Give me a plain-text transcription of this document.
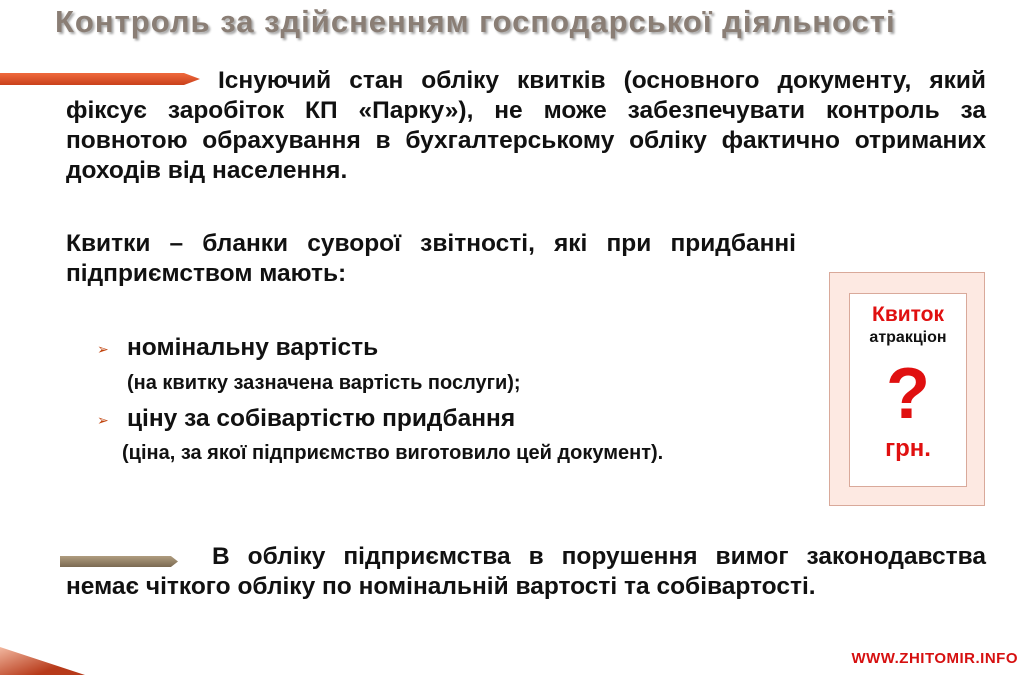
Контроль за здійсненням господарської діяльності
Існуючий стан обліку квитків (основного документу, який фіксує заробіток КП «Парку»), не може забезпечувати контроль за повнотою обрахування в бухгалтерському обліку фактично отриманих доходів від населення.
Квитки – бланки суворої звітності, які при придбанні
підприємством мають:
➢ номінальну вартість
(на квитку зазначена вартість послуги);
➢ ціну за собівартістю придбання
(ціна, за якої підприємство виготовило цей документ).
Квиток
атракціон
?
грн.
В обліку підприємства в порушення вимог законодавства немає чіткого обліку по номінальній вартості та собівартості.
WWW.ZHITOMIR.INFO
